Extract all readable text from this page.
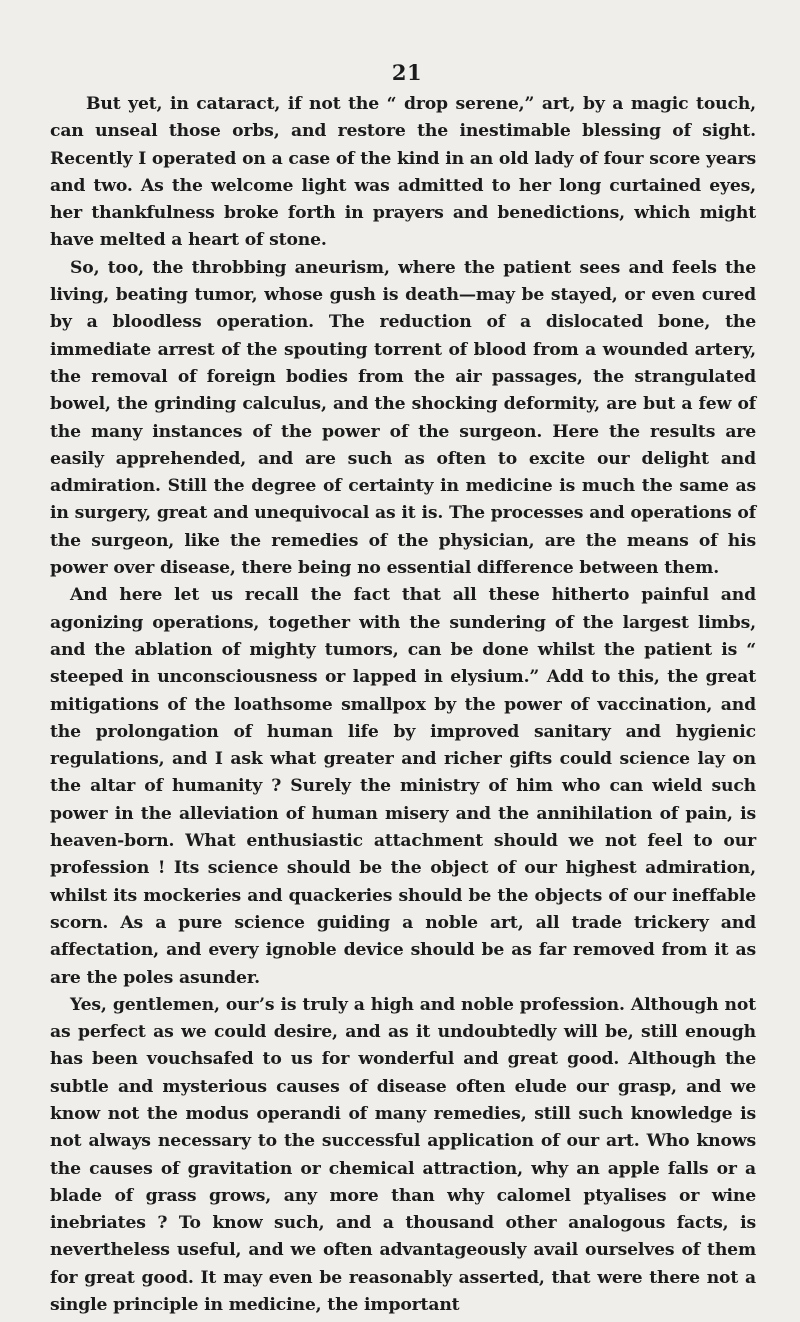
21

But yet, in cataract, if not the “ drop serene,” art, by a magic touch, can unseal those orbs, and restore the inestimable blessing of sight. Recently I operated on a case of the kind in an old lady of four score years and two. As the welcome light was admitted to her long curtained eyes, her thankfulness broke forth in prayers and benedictions, which might have melted a heart of stone.

So, too, the throbbing aneurism, where the patient sees and feels the living, beating tumor, whose gush is death—may be stayed, or even cured by a bloodless operation. The reduction of a dislocated bone, the immediate arrest of the spouting torrent of blood from a wounded artery, the removal of foreign bodies from the air passages, the strangulated bowel, the grinding calculus, and the shocking deformity, are but a few of the many instances of the power of the surgeon. Here the results are easily apprehended, and are such as often to excite our delight and admiration. Still the degree of certainty in medicine is much the same as in surgery, great and unequivocal as it is. The processes and operations of the surgeon, like the remedies of the physician, are the means of his power over disease, there being no essential difference between them.

And here let us recall the fact that all these hitherto painful and agonizing operations, together with the sundering of the largest limbs, and the ablation of mighty tumors, can be done whilst the patient is “ steeped in unconsciousness or lapped in elysium.” Add to this, the great mitigations of the loathsome smallpox by the power of vaccination, and the prolongation of human life by improved sanitary and hygienic regulations, and I ask what greater and richer gifts could science lay on the altar of humanity ? Surely the ministry of him who can wield such power in the alleviation of human misery and the annihilation of pain, is heaven-born. What enthusiastic attachment should we not feel to our profession ! Its science should be the object of our highest admiration, whilst its mockeries and quackeries should be the objects of our ineffable scorn. As a pure science guiding a noble art, all trade trickery and affectation, and every ignoble device should be as far removed from it as are the poles asunder.

Yes, gentlemen, our’s is truly a high and noble profession. Although not as perfect as we could desire, and as it undoubtedly will be, still enough has been vouchsafed to us for wonderful and great good. Although the subtle and mysterious causes of disease often elude our grasp, and we know not the modus operandi of many remedies, still such knowledge is not always necessary to the successful application of our art. Who knows the causes of gravitation or chemical attraction, why an apple falls or a blade of grass grows, any more than why calomel ptyalises or wine inebriates ? To know such, and a thousand other analogous facts, is nevertheless useful, and we often advantageously avail ourselves of them for great good. It may even be reasonably asserted, that were there not a single principle in medicine, the important
